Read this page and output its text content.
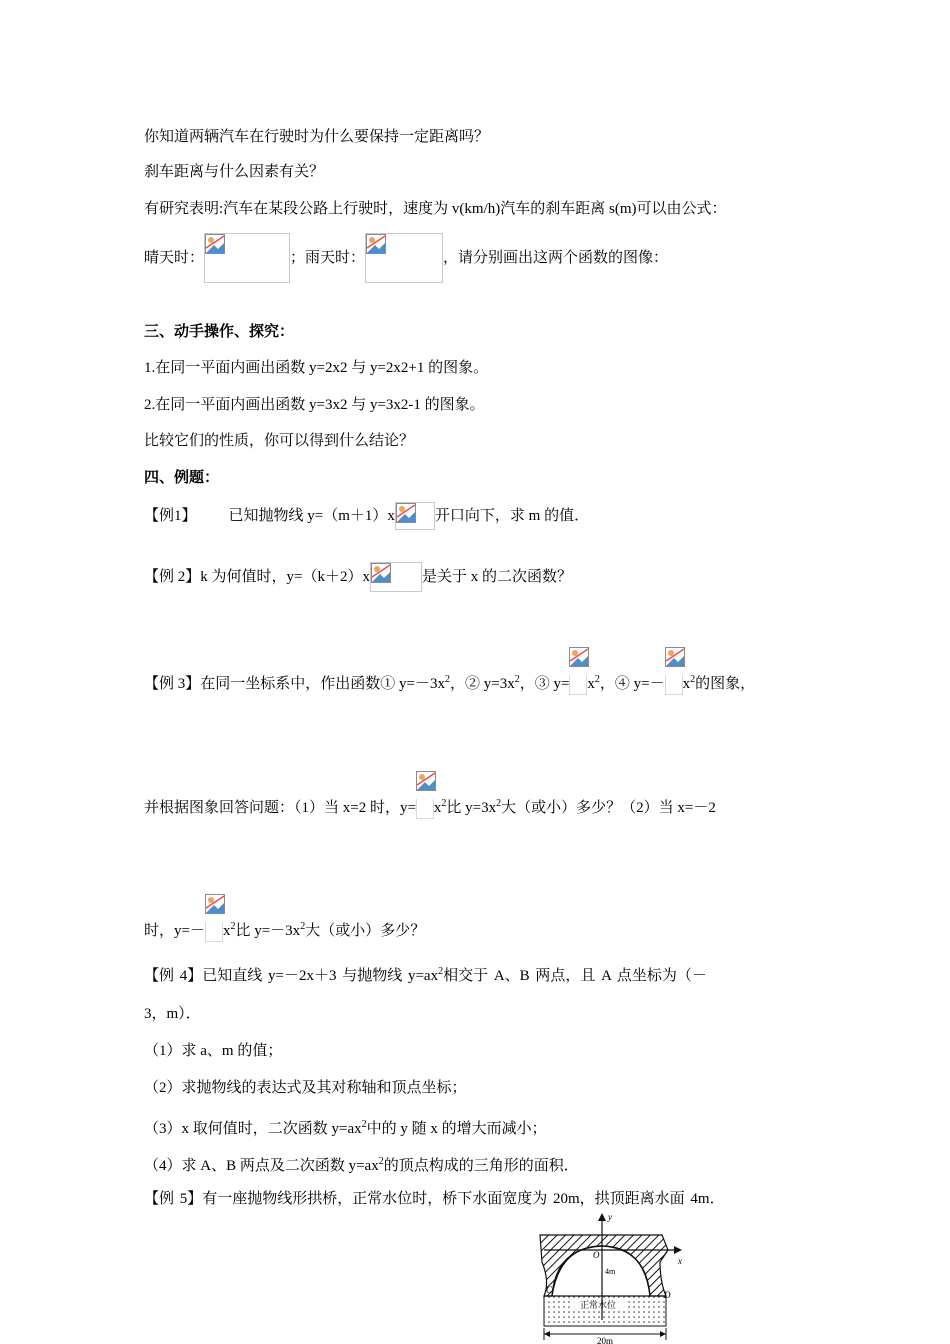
你知道两辆汽车在行驶时为什么要保持一定距离吗？
刹车距离与什么因素有关？
有研究表明:汽车在某段公路上行驶时，速度为 v(km/h)汽车的刹车距离 s(m)可以由公式：
晴天时：	；雨天时：	，请分别画出这两个函数的图像：
三、动手操作、探究：
1.在同一平面内画出函数 y=2x2 与 y=2x2+1 的图象。
2.在同一平面内画出函数 y=3x2 与 y=3x2-1 的图象。
比较它们的性质，你可以得到什么结论？
四、例题：
【例1】 已知抛物线 y=（m＋1）x	开口向下，求 m 的值．
【例 2】k 为何值时，y=（k＋2）x	是关于 x 的二次函数？
【例 3】在同一坐标系中，作出函数① $y=-3x^2$，② $y=3x^2$，③ $y= x^2$，④ $y=- x^2$的图象，
并根据图象回答问题：（1）当 x=2 时，$y= x^2$比 $y=3x^2$大（或小）多少？（2）当 x=－2
时，$y=- x^2$比 $y=-3x^2$大（或小）多少？
【例 4】已知直线 y=－2x＋3 与抛物线 $y=ax^2$相交于 A、B 两点，且 A 点坐标为（－
3，m）．
（1）求 a、m 的值；
（2）求抛物线的表达式及其对称轴和顶点坐标；
（3）x 取何值时，二次函数 $y=ax^2$中的 y 随 x 的增大而减小；
（4）求 A、B 两点及二次函数 $y=ax^2$的顶点构成的三角形的面积．
【例 5】有一座抛物线形拱桥，正常水位时，桥下水面宽度为 20m，拱顶距离水面 4m．
正常水位
y
x
O
4m
C	D
20m
